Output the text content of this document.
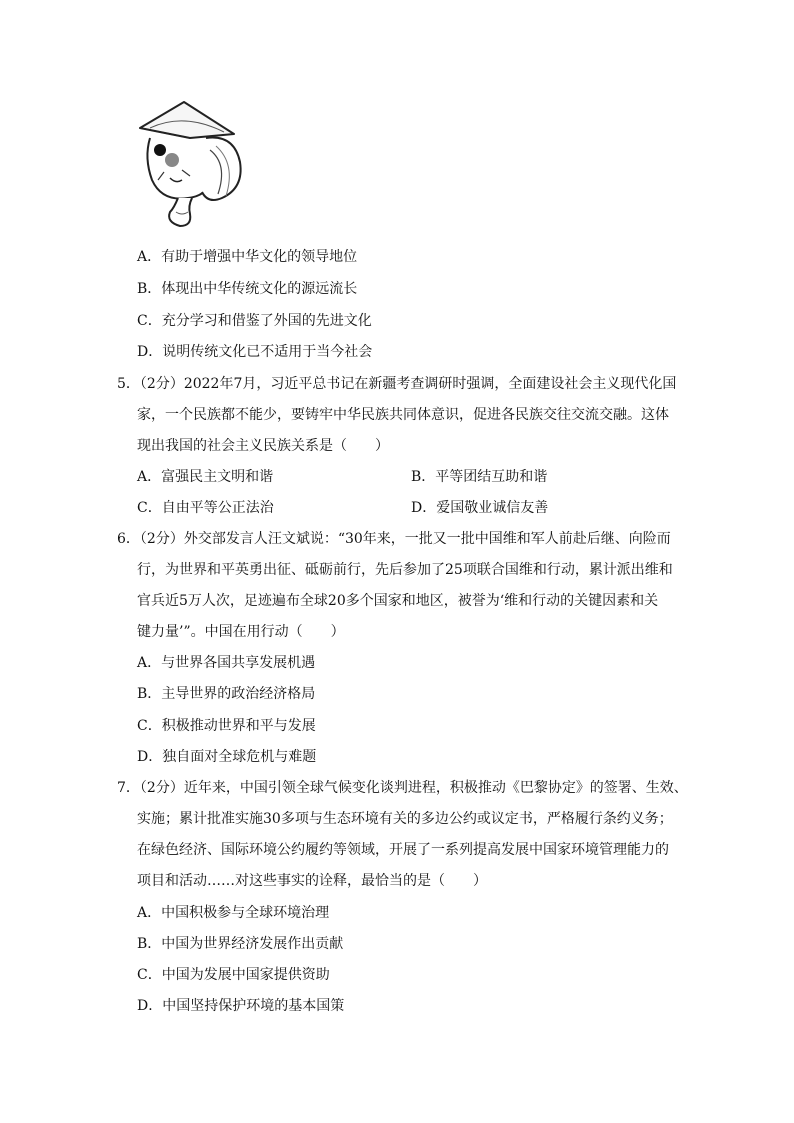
A．有助于增强中华文化的领导地位
B．体现出中华传统文化的源远流长
C．充分学习和借鉴了外国的先进文化
D．说明传统文化已不适用于当今社会
5．（2分）2022年7月，习近平总书记在新疆考查调研时强调，全面建设社会主义现代化国
家，一个民族都不能少，要铸牢中华民族共同体意识，促进各民族交往交流交融。这体
现出我国的社会主义民族关系是（　　）
A．富强民主文明和谐	B．平等团结互助和谐
C．自由平等公正法治	D．爱国敬业诚信友善
6．（2分）外交部发言人汪文斌说：“30年来，一批又一批中国维和军人前赴后继、向险而
行，为世界和平英勇出征、砥砺前行，先后参加了25项联合国维和行动，累计派出维和
官兵近5万人次，足迹遍布全球20多个国家和地区，被誉为‘维和行动的关键因素和关
键力量’”。中国在用行动（　　）
A．与世界各国共享发展机遇
B．主导世界的政治经济格局
C．积极推动世界和平与发展
D．独自面对全球危机与难题
7．（2分）近年来，中国引领全球气候变化谈判进程，积极推动《巴黎协定》的签署、生效、
实施；累计批准实施30多项与生态环境有关的多边公约或议定书，严格履行条约义务；
在绿色经济、国际环境公约履约等领域，开展了一系列提高发展中国家环境管理能力的
项目和活动……对这些事实的诠释，最恰当的是（　　）
A．中国积极参与全球环境治理
B．中国为世界经济发展作出贡献
C．中国为发展中国家提供资助
D．中国坚持保护环境的基本国策
